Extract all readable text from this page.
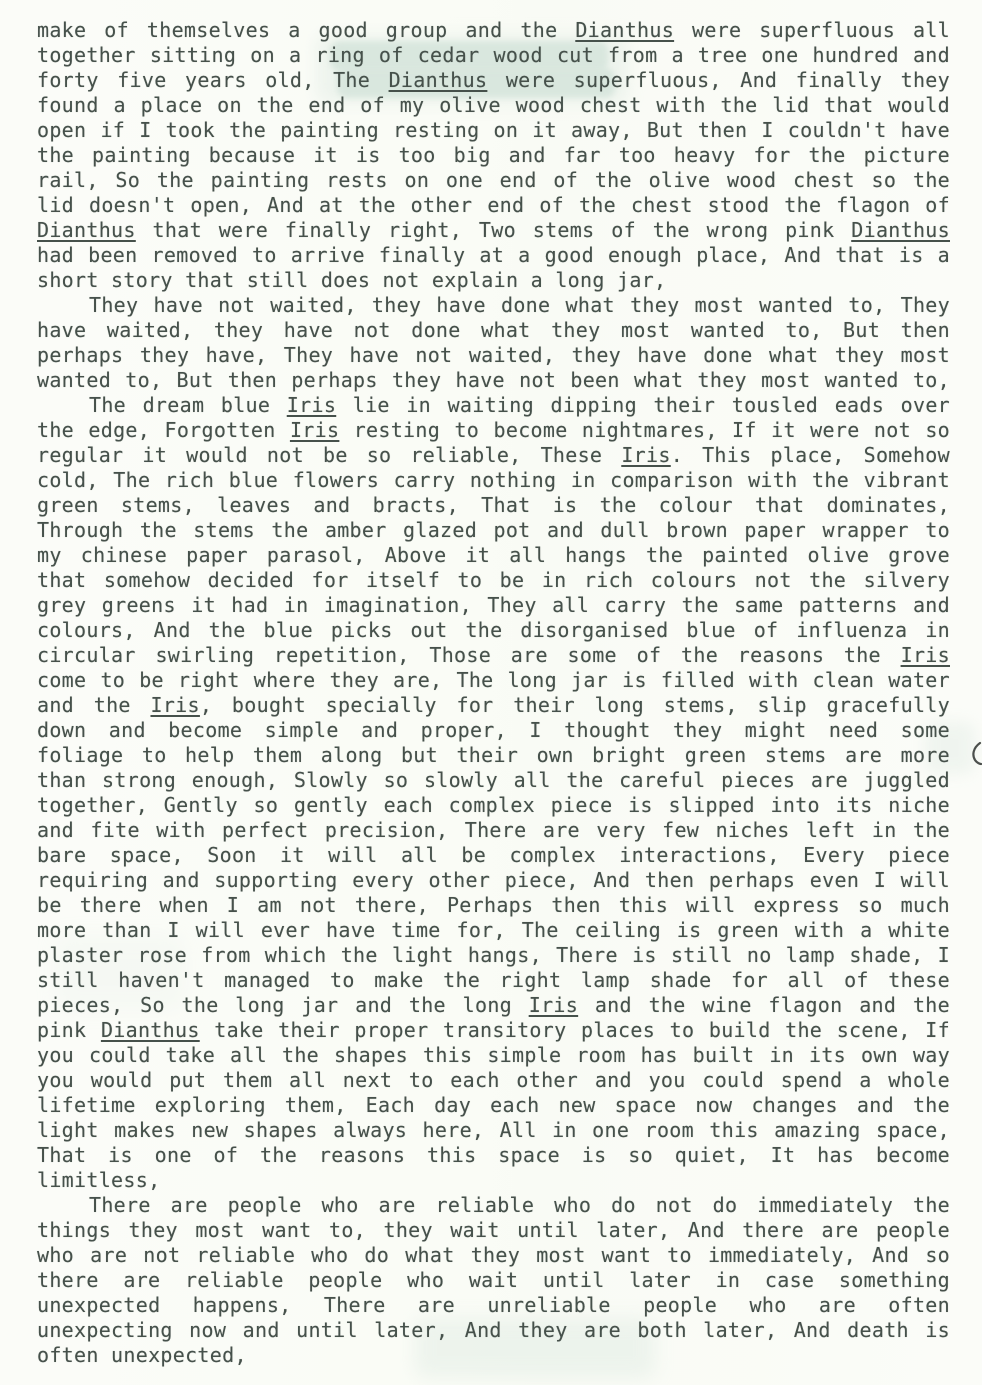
make of themselves a good group and the Dianthus were superfluous all
together sitting on a ring of cedar wood cut from a tree one hundred and
forty five years old, The Dianthus were superfluous, And finally they
found a place on the end of my olive wood chest with the lid that would
open if I took the painting resting on it away, But then I couldn't have
the painting because it is too big and far too heavy for the picture
rail, So the painting rests on one end of the olive wood chest so the
lid doesn't open, And at the other end of the chest stood the flagon of
Dianthus that were finally right, Two stems of the wrong pink Dianthus
had been removed to arrive finally at a good enough place, And that is a
short story that still does not explain a long jar,
They have not waited, they have done what they most wanted to, They
have waited, they have not done what they most wanted to, But then
perhaps they have, They have not waited, they have done what they most
wanted to, But then perhaps they have not been what they most wanted to,
The dream blue Iris lie in waiting dipping their tousled eads over
the edge, Forgotten Iris resting to become nightmares, If it were not so
regular it would not be so reliable, These Iris. This place, Somehow
cold, The rich blue flowers carry nothing in comparison with the vibrant
green stems, leaves and bracts, That is the colour that dominates,
Through the stems the amber glazed pot and dull brown paper wrapper to
my chinese paper parasol, Above it all hangs the painted olive grove
that somehow decided for itself to be in rich colours not the silvery
grey greens it had in imagination, They all carry the same patterns and
colours, And the blue picks out the disorganised blue of influenza in
circular swirling repetition, Those are some of the reasons the Iris
come to be right where they are, The long jar is filled with clean water
and the Iris, bought specially for their long stems, slip gracefully
down and become simple and proper, I thought they might need some
foliage to help them along but their own bright green stems are more
than strong enough, Slowly so slowly all the careful pieces are juggled
together, Gently so gently each complex piece is slipped into its niche
and fite with perfect precision, There are very few niches left in the
bare space, Soon it will all be complex interactions, Every piece
requiring and supporting every other piece, And then perhaps even I will
be there when I am not there, Perhaps then this will express so much
more than I will ever have time for, The ceiling is green with a white
plaster rose from which the light hangs, There is still no lamp shade, I
still haven't managed to make the right lamp shade for all of these
pieces, So the long jar and the long Iris and the wine flagon and the
pink Dianthus take their proper transitory places to build the scene, If
you could take all the shapes this simple room has built in its own way
you would put them all next to each other and you could spend a whole
lifetime exploring them, Each day each new space now changes and the
light makes new shapes always here, All in one room this amazing space,
That is one of the reasons this space is so quiet, It has become
limitless,
There are people who are reliable who do not do immediately the
things they most want to, they wait until later, And there are people
who are not reliable who do what they most want to immediately, And so
there are reliable people who wait until later in case something
unexpected happens, There are unreliable people who are often
unexpecting now and until later, And they are both later, And death is
often unexpected,
